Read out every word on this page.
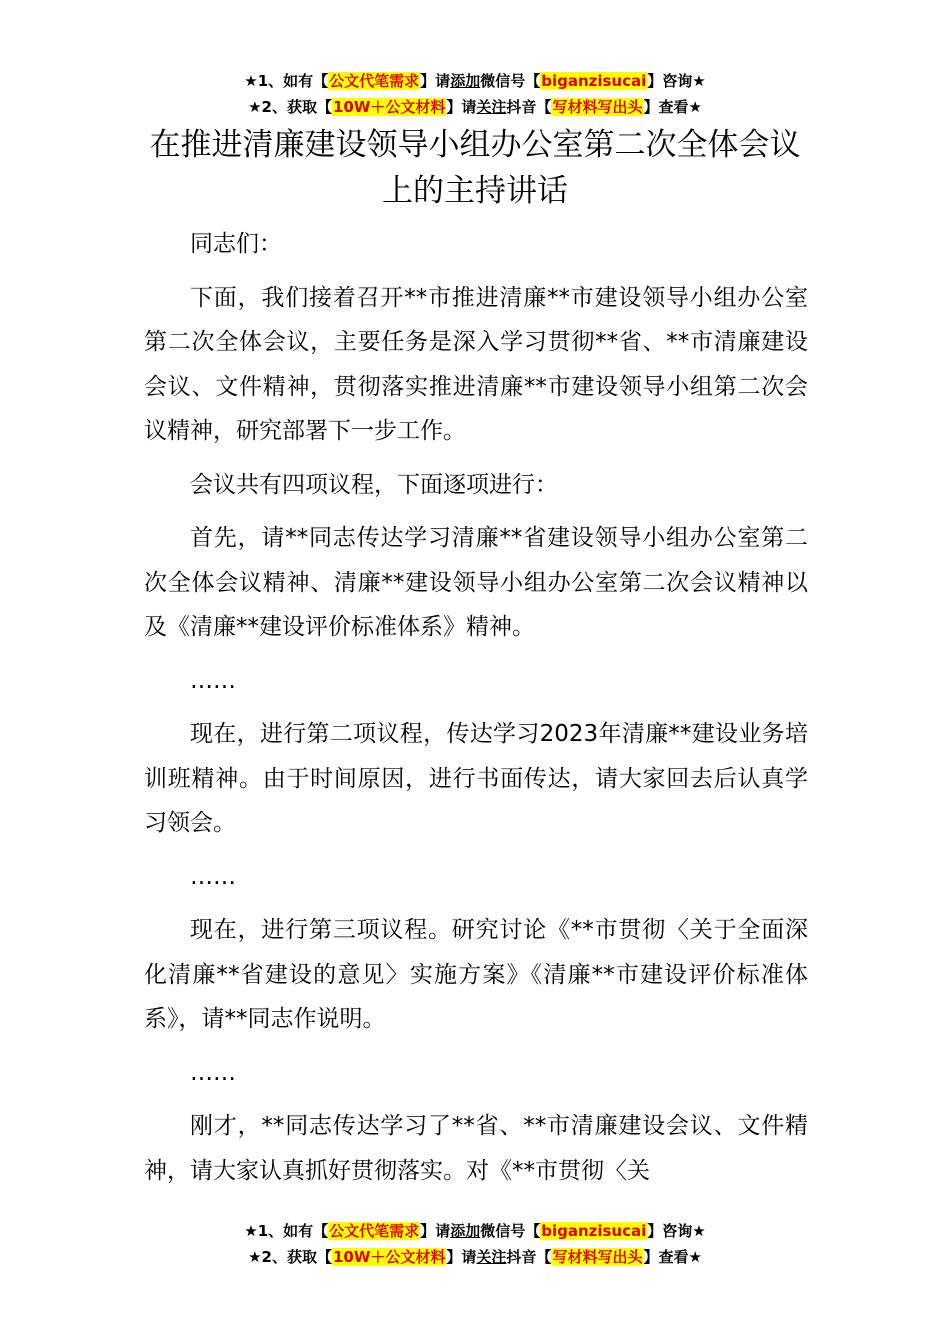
★1、如有【公文代笔需求】请添加微信号【biganzisucai】咨询★
★2、获取【10W＋公文材料】请关注抖音【写材料写出头】查看★
在推进清廉建设领导小组办公室第二次全体会议上的主持讲话

同志们：

下面，我们接着召开**市推进清廉**市建设领导小组办公室第二次全体会议，主要任务是深入学习贯彻**省、**市清廉建设会议、文件精神，贯彻落实推进清廉**市建设领导小组第二次会议精神，研究部署下一步工作。

会议共有四项议程，下面逐项进行：

首先，请**同志传达学习清廉**省建设领导小组办公室第二次全体会议精神、清廉**建设领导小组办公室第二次会议精神以及《清廉**建设评价标准体系》精神。

……

现在，进行第二项议程，传达学习2023年清廉**建设业务培训班精神。由于时间原因，进行书面传达，请大家回去后认真学习领会。

……

现在，进行第三项议程。研究讨论《**市贯彻〈关于全面深化清廉**省建设的意见〉实施方案》《清廉**市建设评价标准体系》，请**同志作说明。

……

刚才，**同志传达学习了**省、**市清廉建设会议、文件精神，请大家认真抓好贯彻落实。对《**市贯彻〈关

★1、如有【公文代笔需求】请添加微信号【biganzisucai】咨询★
★2、获取【10W＋公文材料】请关注抖音【写材料写出头】查看★
